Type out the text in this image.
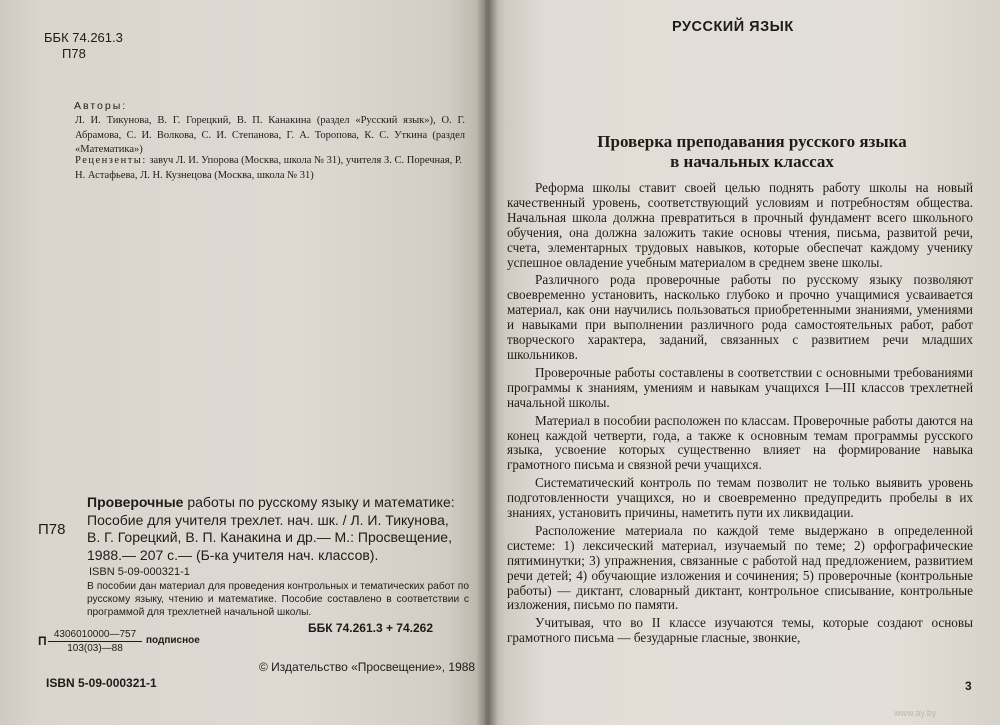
ББК 74.261.3
П78
Авторы:
Л. И. Тикунова, В. Г. Горецкий, В. П. Канакина (раздел «Русский язык»), О. Г. Абрамова, С. И. Волкова, С. И. Степанова, Г. А. Торопова, К. С. Уткина (раздел «Математика»)
Рецензенты: завуч Л. И. Упорова (Москва, школа № 31), учителя З. С. Поречная, Р. Н. Астафьева, Л. Н. Кузнецова (Москва, школа № 31)
П78
Проверочные работы по русскому языку и математике:
Пособие для учителя трехлет. нач. шк. / Л. И. Тикунова,
В. Г. Горецкий, В. П. Канакина и др.— М.: Просвещение,
1988.— 207 с.— (Б-ка учителя нач. классов).
ISBN 5-09-000321-1
В пособии дан материал для проведения контрольных и тематических работ по русскому языку, чтению и математике. Пособие составлено в соответствии с программой для трехлетней начальной школы.
П $\frac{4306010000—757}{103(03)—88}$ подписное
ББК 74.261.3 + 74.262
© Издательство «Просвещение», 1988
ISBN 5-09-000321-1
РУССКИЙ ЯЗЫК
Проверка преподавания русского языка
в начальных классах

Реформа школы ставит своей целью поднять работу школы на новый качественный уровень, соответствующий условиям и потребностям общества. Начальная школа должна превратиться в прочный фундамент всего школьного обучения, она должна заложить такие основы чтения, письма, развитой речи, счета, элементарных трудовых навыков, которые обеспечат каждому ученику успешное овладение учебным материалом в среднем звене школы.

Различного рода проверочные работы по русскому языку позволяют своевременно установить, насколько глубоко и прочно учащимися усваивается материал, как они научились пользоваться приобретенными знаниями, умениями и навыками при выполнении различного рода самостоятельных работ, работ творческого характера, заданий, связанных с развитием речи младших школьников.

Проверочные работы составлены в соответствии с основными требованиями программы к знаниям, умениям и навыкам учащихся I—III классов трехлетней начальной школы.

Материал в пособии расположен по классам. Проверочные работы даются на конец каждой четверти, года, а также к основным темам программы русского языка, усвоение которых существенно влияет на формирование навыка грамотного письма и связной речи учащихся.

Систематический контроль по темам позволит не только выявить уровень подготовленности учащихся, но и своевременно предупредить пробелы в их знаниях, установить причины, наметить пути их ликвидации.

Расположение материала по каждой теме выдержано в определенной системе: 1) лексический материал, изучаемый по теме; 2) орфографические пятиминутки; 3) упражнения, связанные с работой над предложением, развитием речи детей; 4) обучающие изложения и сочинения; 5) проверочные (контрольные работы) — диктант, словарный диктант, контрольное списывание, контрольные изложения, письмо по памяти.

Учитывая, что во II классе изучаются темы, которые создают основы грамотного письма — безударные гласные, звонкие,

3
www.ay.by
